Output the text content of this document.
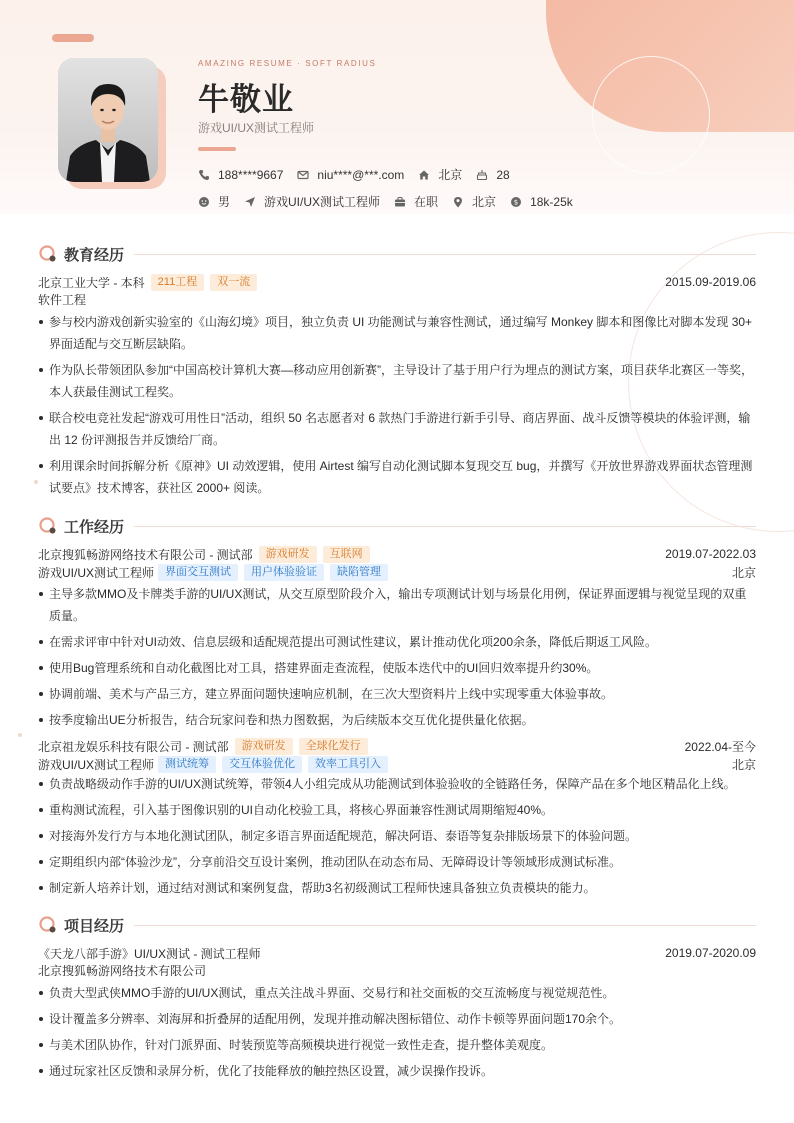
AMAZING RESUME · SOFT RADIUS
牛敬业
游戏UI/UX测试工程师
188****9667	niu****@***.com	北京	28
男	游戏UI/UX测试工程师	在职	北京	$ 18k-25k
教育经历
北京工业大学 - 本科	211工程	双一流	2015.09-2019.06
软件工程
参与校内游戏创新实验室的《山海幻境》项目，独立负责 UI 功能测试与兼容性测试，通过编写 Monkey 脚本和图像比对脚本发现 30+ 界面适配与交互断层缺陷。
作为队长带领团队参加“中国高校计算机大赛—移动应用创新赛”，主导设计了基于用户行为埋点的测试方案，项目获华北赛区一等奖，本人获最佳测试工程奖。
联合校电竞社发起“游戏可用性日”活动，组织 50 名志愿者对 6 款热门手游进行新手引导、商店界面、战斗反馈等模块的体验评测，输出 12 份评测报告并反馈给厂商。
利用课余时间拆解分析《原神》UI 动效逻辑，使用 Airtest 编写自动化测试脚本复现交互 bug，并撰写《开放世界游戏界面状态管理测试要点》技术博客，获社区 2000+ 阅读。
工作经历
北京搜狐畅游网络技术有限公司 - 测试部	游戏研发	互联网	2019.07-2022.03
游戏UI/UX测试工程师	界面交互测试	用户体验验证	缺陷管理	北京
主导多款MMO及卡牌类手游的UI/UX测试，从交互原型阶段介入，输出专项测试计划与场景化用例，保证界面逻辑与视觉呈现的双重质量。
在需求评审中针对UI动效、信息层级和适配规范提出可测试性建议，累计推动优化项200余条，降低后期返工风险。
使用Bug管理系统和自动化截图比对工具，搭建界面走查流程，使版本迭代中的UI回归效率提升约30%。
协调前端、美术与产品三方，建立界面问题快速响应机制，在三次大型资料片上线中实现零重大体验事故。
按季度输出UE分析报告，结合玩家问卷和热力图数据，为后续版本交互优化提供量化依据。
北京祖龙娱乐科技有限公司 - 测试部	游戏研发	全球化发行	2022.04-至今
游戏UI/UX测试工程师	测试统筹	交互体验优化	效率工具引入	北京
负责战略级动作手游的UI/UX测试统筹，带领4人小组完成从功能测试到体验验收的全链路任务，保障产品在多个地区精品化上线。
重构测试流程，引入基于图像识别的UI自动化校验工具，将核心界面兼容性测试周期缩短40%。
对接海外发行方与本地化测试团队，制定多语言界面适配规范，解决阿语、泰语等复杂排版场景下的体验问题。
定期组织内部“体验沙龙”，分享前沿交互设计案例，推动团队在动态布局、无障碍设计等领域形成测试标准。
制定新人培养计划，通过结对测试和案例复盘，帮助3名初级测试工程师快速具备独立负责模块的能力。
项目经历
《天龙八部手游》UI/UX测试 - 测试工程师	2019.07-2020.09
北京搜狐畅游网络技术有限公司
负责大型武侠MMO手游的UI/UX测试，重点关注战斗界面、交易行和社交面板的交互流畅度与视觉规范性。
设计覆盖多分辨率、刘海屏和折叠屏的适配用例，发现并推动解决图标错位、动作卡顿等界面问题170余个。
与美术团队协作，针对门派界面、时装预览等高频模块进行视觉一致性走查，提升整体美观度。
通过玩家社区反馈和录屏分析，优化了技能释放的触控热区设置，减少误操作投诉。
